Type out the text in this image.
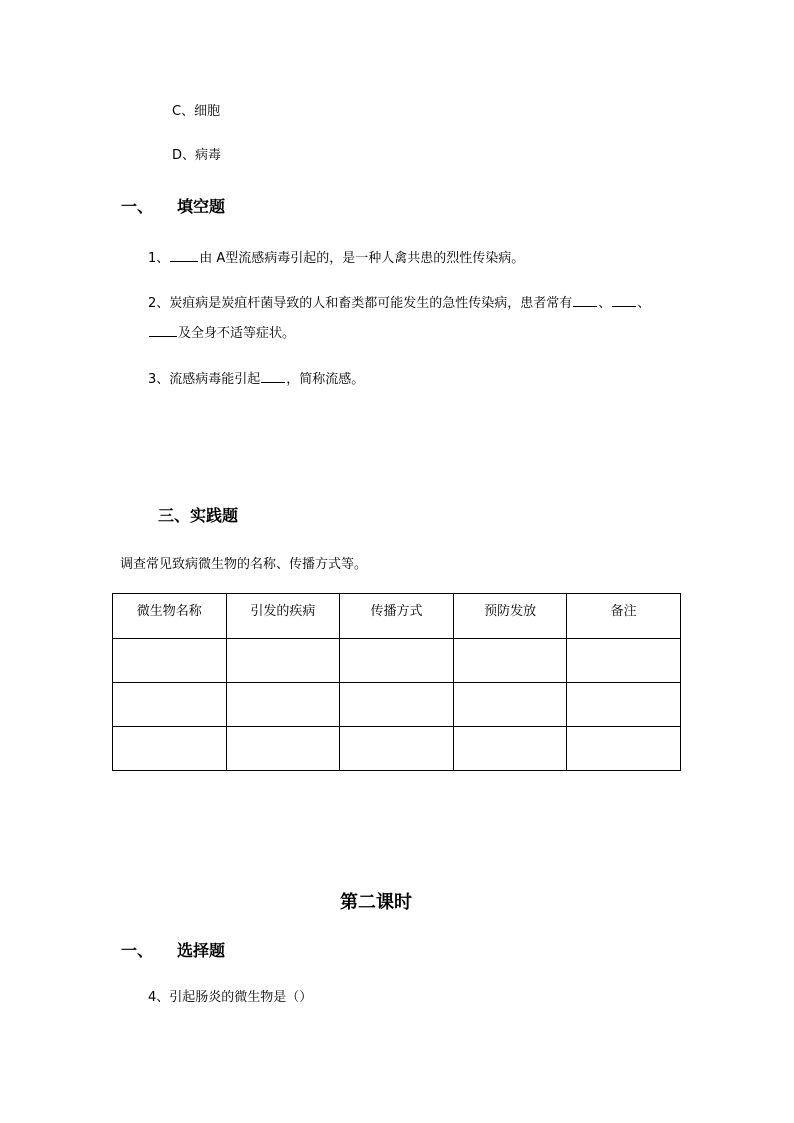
C、细胞
D、病毒
一、 填空题
1、 由 A型流感病毒引起的，是一种人禽共患的烈性传染病。
2、炭疽病是炭疽杆菌导致的人和畜类都可能发生的急性传染病，患者常有 、 、
及全身不适等症状。
3、流感病毒能引起 ，简称流感。
三、实践题
调查常见致病微生物的名称、传播方式等。
微生物名称	引发的疾病	传播方式	预防发放	备注

第二课时
一、 选择题
4、引起肠炎的微生物是（）
